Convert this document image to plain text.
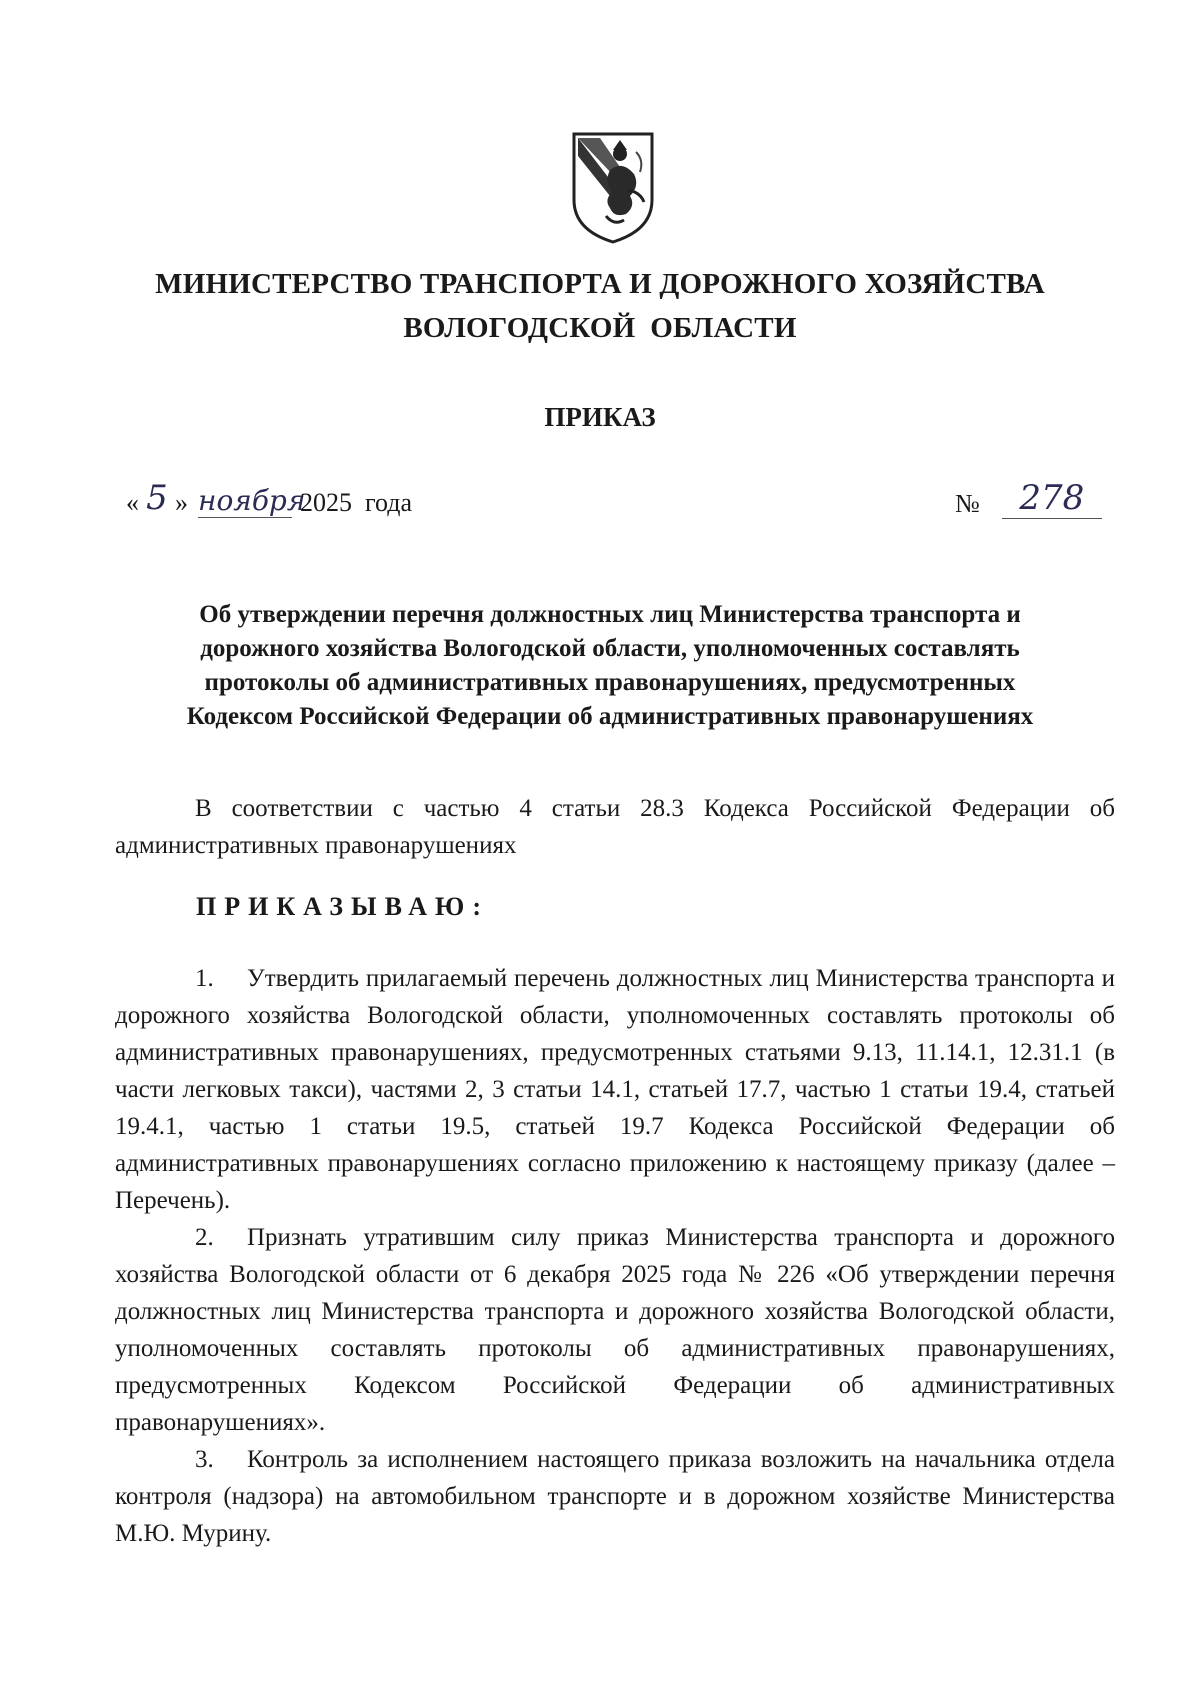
МИНИСТЕРСТВО ТРАНСПОРТА И ДОРОЖНОГО ХОЗЯЙСТВА
ВОЛОГОДСКОЙ  ОБЛАСТИ
ПРИКАЗ
« 5 » ноября
2025  года	№	278
Об утверждении перечня должностных лиц Министерства транспорта и
дорожного хозяйства Вологодской области, уполномоченных составлять
протоколы об административных правонарушениях, предусмотренных
Кодексом Российской Федерации об административных правонарушениях
В соответствии с частью 4 статьи 28.3 Кодекса Российской Федерации об административных правонарушениях
ПРИКАЗЫВАЮ:

1. Утвердить прилагаемый перечень должностных лиц Министерства транспорта и дорожного хозяйства Вологодской области, уполномоченных составлять протоколы об административных правонарушениях, предусмотренных статьями 9.13, 11.14.1, 12.31.1 (в части легковых такси), частями 2, 3 статьи 14.1, статьей 17.7, частью 1 статьи 19.4, статьей 19.4.1, частью 1 статьи 19.5, статьей 19.7 Кодекса Российской Федерации об административных правонарушениях согласно приложению к настоящему приказу (далее – Перечень).

2. Признать утратившим силу приказ Министерства транспорта и дорожного хозяйства Вологодской области от 6 декабря 2025 года № 226 «Об утверждении перечня должностных лиц Министерства транспорта и дорожного хозяйства Вологодской области, уполномоченных составлять протоколы об административных правонарушениях, предусмотренных Кодексом Российской Федерации об административных правонарушениях».

3. Контроль за исполнением настоящего приказа возложить на начальника отдела контроля (надзора) на автомобильном транспорте и в дорожном хозяйстве Министерства М.Ю. Мурину.
